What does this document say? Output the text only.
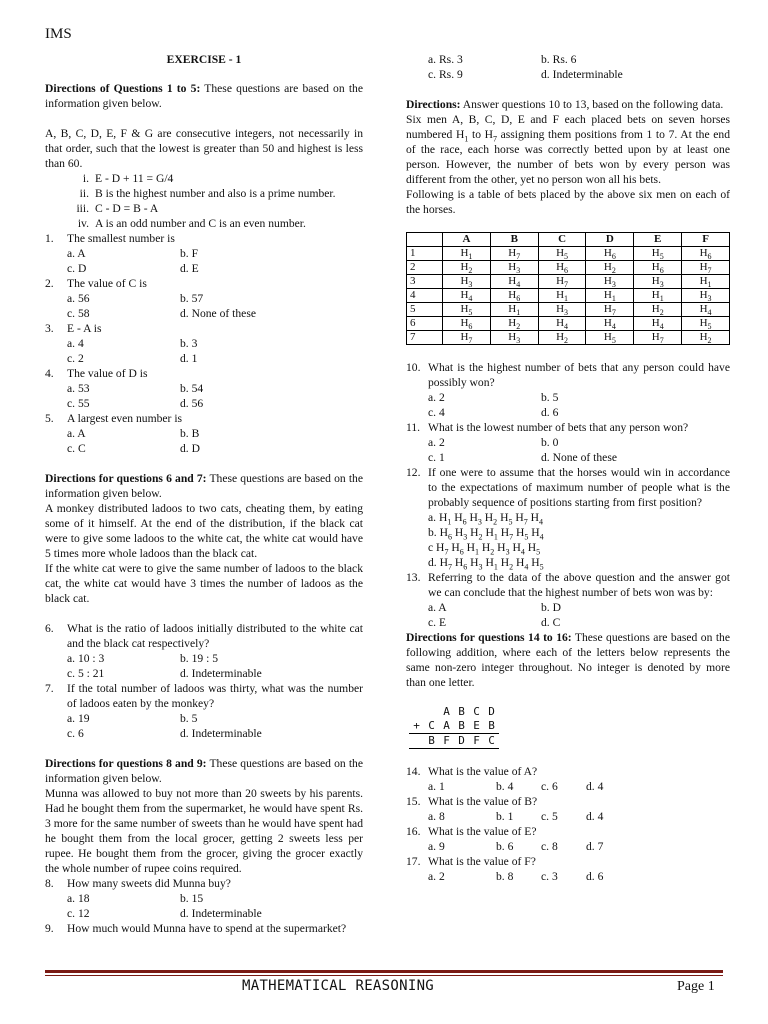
IMS
EXERCISE - 1

Directions of Questions 1 to 5: These questions are based on the information given below.

A, B, C, D, E, F & G are consecutive integers, not necessarily in that order, such that the lowest is greater than 50 and highest is less than 60.

i. E - D + 11 = G/4
ii. B is the highest number and also is a prime number.
iii. C - D = B - A
iv. A is an odd number and C is an even number.
1.	The smallest number is
a. A	b. F
c. D	d. E
2.	The value of C is
a. 56	b. 57
c. 58	d. None of these
3.	E - A is
a. 4	b. 3
c. 2	d. 1
4.	The value of D is
a. 53	b. 54
c. 55	d. 56
5.	A largest even number is
a. A	b. B
c. C	d. D

Directions for questions 6 and 7: These questions are based on the information given below.

A monkey distributed ladoos to two cats, cheating them, by eating some of it himself. At the end of the distribution, if the black cat were to give some ladoos to the white cat, the white cat would have 5 times more whole ladoos than the black cat.

If the white cat were to give the same number of ladoos to the black cat, the white cat would have 3 times the number of ladoos as the black cat.

6.	What is the ratio of ladoos initially distributed to the white cat and the black cat respectively?
a. 10 : 3	b. 19 : 5
c. 5 : 21	d. Indeterminable
7.	If the total number of ladoos was thirty, what was the number of ladoos eaten by the monkey?
a. 19	b. 5
c. 6	d. Indeterminable

Directions for questions 8 and 9: These questions are based on the information given below.

Munna was allowed to buy not more than 20 sweets by his parents. Had he bought them from the supermarket, he would have spent Rs. 3 more for the same number of sweets than he would have spent had he bought them from the local grocer, getting 2 sweets less per rupee. He bought them from the grocer, giving the grocer exactly the whole number of rupee coins required.

8.	How many sweets did Munna buy?
a. 18	b. 15
c. 12	d. Indeterminable
9.	How much would Munna have to spend at the supermarket?
a. Rs. 3	b. Rs. 6
c. Rs. 9	d. Indeterminable

Directions: Answer questions 10 to 13, based on the following data.

Six men A, B, C, D, E and F each placed bets on seven horses numbered $H_1$ to $H_7$ assigning them positions from 1 to 7. At the end of the race, each horse was correctly betted upon by at least one person. However, the number of bets won by every person was different from the other, yet no person won all his bets.

Following is a table of bets placed by the above six men on each of the horses.

	A	B	C	D	E	F
1	$H_1$	$H_7$	$H_5$	$H_6$	$H_5$	$H_6$
2	$H_2$	$H_3$	$H_6$	$H_2$	$H_6$	$H_7$
3	$H_3$	$H_4$	$H_7$	$H_3$	$H_3$	$H_1$
4	$H_4$	$H_6$	$H_1$	$H_1$	$H_1$	$H_3$
5	$H_5$	$H_1$	$H_3$	$H_7$	$H_2$	$H_4$
6	$H_6$	$H_2$	$H_4$	$H_4$	$H_4$	$H_5$
7	$H_7$	$H_3$	$H_2$	$H_5$	$H_7$	$H_2$
10. What is the highest number of bets that any person could have possibly won?
a. 2	b. 5
c. 4	d. 6
11. What is the lowest number of bets that any person won?
a. 2	b. 0
c. 1	d. None of these
12. If one were to assume that the horses would win in accordance to the expectations of maximum number of people what is the probably sequence of positions starting from first position?
a. $H_1$ $H_6$ $H_3$ $H_2$ $H_5$ $H_7$ $H_4$
b. $H_6$ $H_3$ $H_2$ $H_1$ $H_7$ $H_5$ $H_4$
c $H_7$ $H_6$ $H_1$ $H_2$ $H_3$ $H_4$ $H_5$
d. $H_7$ $H_6$ $H_3$ $H_1$ $H_2$ $H_4$ $H_5$
13. Referring to the data of the above question and the answer got we can conclude that the highest number of bets won was by:
a. A	b. D
c. E	d. C

Directions for questions 14 to 16: These questions are based on the following addition, where each of the letters below represents the same non-zero integer throughout. No integer is denoted by more than one letter.

A B C D
+ C A B E B
B F D F C
14. What is the value of A?
a. 1	b. 4	c. 6	d. 4
15. What is the value of B?
a. 8	b. 1	c. 5	d. 4
16. What is the value of E?
a. 9	b. 6	c. 8	d. 7
17. What is the value of F?
a. 2	b. 8	c. 3	d. 6
MATHEMATICAL REASONING	Page 1
